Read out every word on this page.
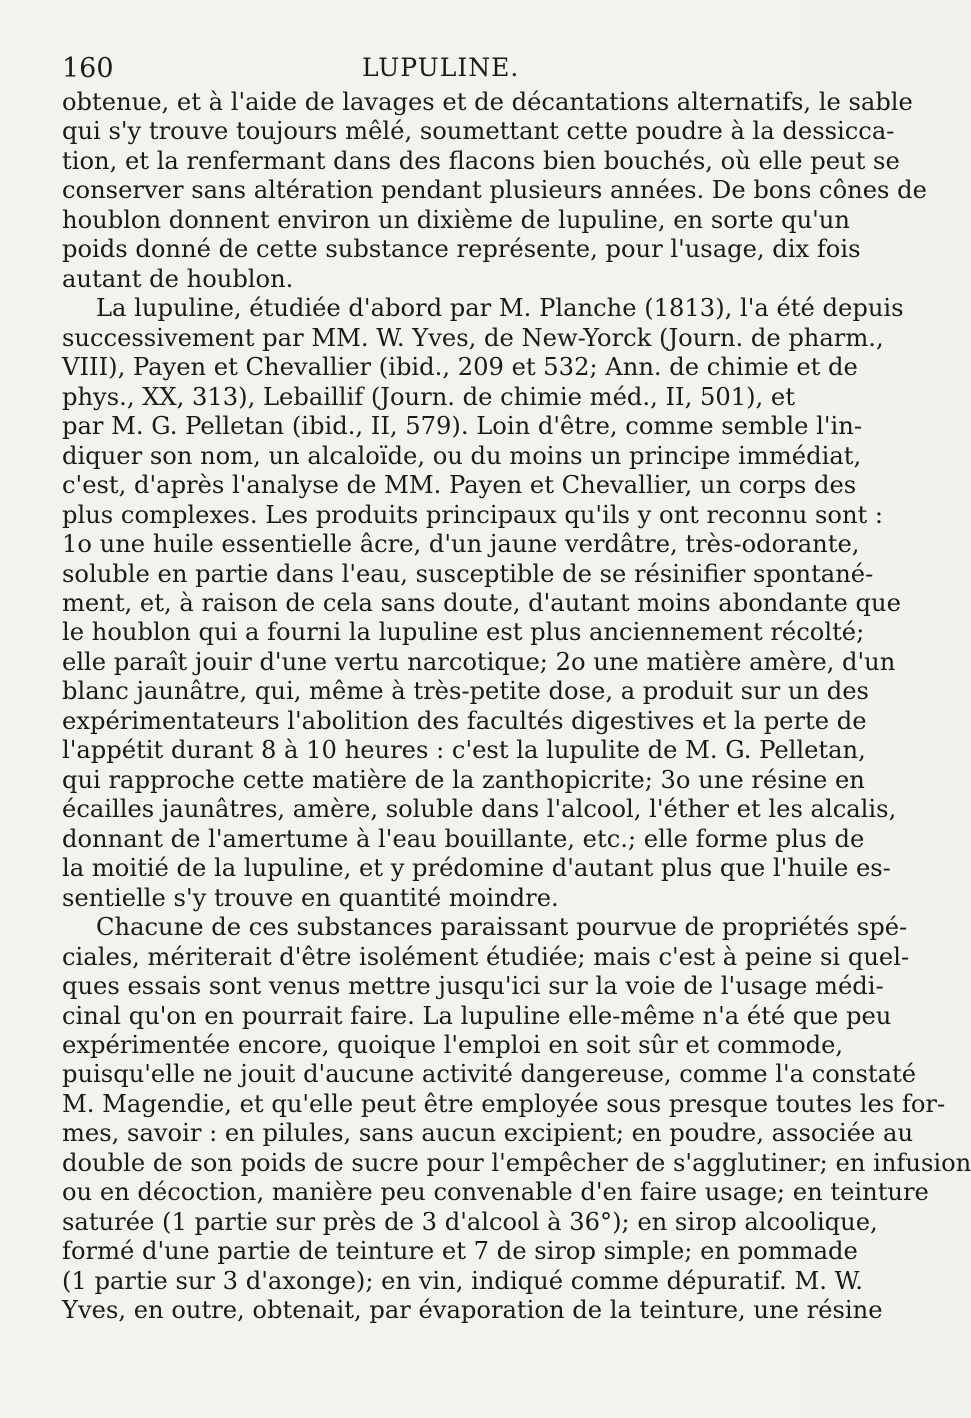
160	LUPULINE.
obtenue, et à l'aide de lavages et de décantations alternatifs, le sable
qui s'y trouve toujours mêlé, soumettant cette poudre à la dessicca-
tion, et la renfermant dans des flacons bien bouchés, où elle peut se
conserver sans altération pendant plusieurs années. De bons cônes de
houblon donnent environ un dixième de lupuline, en sorte qu'un
poids donné de cette substance représente, pour l'usage, dix fois
autant de houblon.
La lupuline, étudiée d'abord par M. Planche (1813), l'a été depuis
successivement par MM. W. Yves, de New-Yorck (Journ. de pharm.,
VIII), Payen et Chevallier (ibid., 209 et 532; Ann. de chimie et de
phys., XX, 313), Lebaillif (Journ. de chimie méd., II, 501), et
par M. G. Pelletan (ibid., II, 579). Loin d'être, comme semble l'in-
diquer son nom, un alcaloïde, ou du moins un principe immédiat,
c'est, d'après l'analyse de MM. Payen et Chevallier, un corps des
plus complexes. Les produits principaux qu'ils y ont reconnu sont :
1o une huile essentielle âcre, d'un jaune verdâtre, très-odorante,
soluble en partie dans l'eau, susceptible de se résinifier spontané-
ment, et, à raison de cela sans doute, d'autant moins abondante que
le houblon qui a fourni la lupuline est plus anciennement récolté;
elle paraît jouir d'une vertu narcotique; 2o une matière amère, d'un
blanc jaunâtre, qui, même à très-petite dose, a produit sur un des
expérimentateurs l'abolition des facultés digestives et la perte de
l'appétit durant 8 à 10 heures : c'est la lupulite de M. G. Pelletan,
qui rapproche cette matière de la zanthopicrite; 3o une résine en
écailles jaunâtres, amère, soluble dans l'alcool, l'éther et les alcalis,
donnant de l'amertume à l'eau bouillante, etc.; elle forme plus de
la moitié de la lupuline, et y prédomine d'autant plus que l'huile es-
sentielle s'y trouve en quantité moindre.
Chacune de ces substances paraissant pourvue de propriétés spé-
ciales, mériterait d'être isolément étudiée; mais c'est à peine si quel-
ques essais sont venus mettre jusqu'ici sur la voie de l'usage médi-
cinal qu'on en pourrait faire. La lupuline elle-même n'a été que peu
expérimentée encore, quoique l'emploi en soit sûr et commode,
puisqu'elle ne jouit d'aucune activité dangereuse, comme l'a constaté
M. Magendie, et qu'elle peut être employée sous presque toutes les for-
mes, savoir : en pilules, sans aucun excipient; en poudre, associée au
double de son poids de sucre pour l'empêcher de s'agglutiner; en infusion
ou en décoction, manière peu convenable d'en faire usage; en teinture
saturée (1 partie sur près de 3 d'alcool à 36°); en sirop alcoolique,
formé d'une partie de teinture et 7 de sirop simple; en pommade
(1 partie sur 3 d'axonge); en vin, indiqué comme dépuratif. M. W.
Yves, en outre, obtenait, par évaporation de la teinture, une résine
